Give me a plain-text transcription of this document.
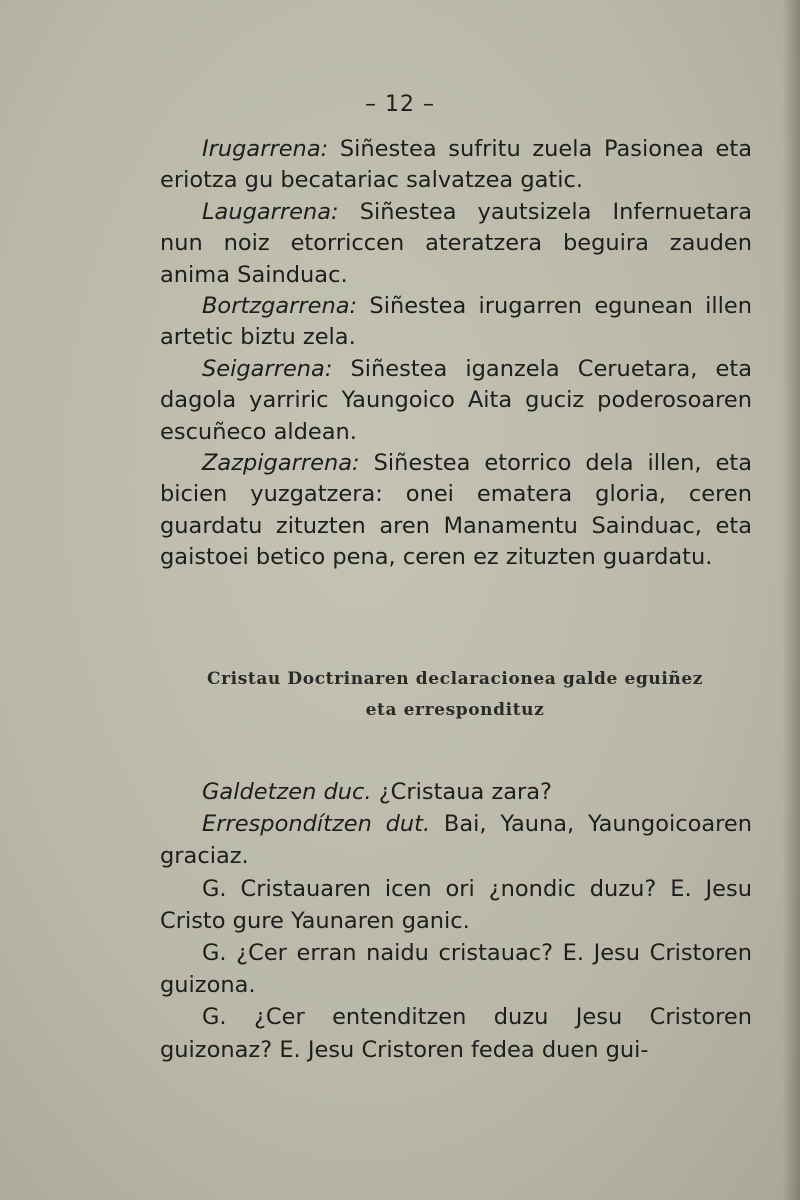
– 12 –

Irugarrena: Siñestea sufritu zuela Pasionea eta eriotza gu becatariac salvatzea gatic.

Laugarrena: Siñestea yautsizela Infernuetara nun noiz etorriccen ateratzera beguira zauden anima Sainduac.

Bortzgarrena: Siñestea irugarren egunean illen artetic biztu zela.

Seigarrena: Siñestea iganzela Ceruetara, eta dagola yarriric Yaungoico Aita guciz poderosoaren escuñeco aldean.

Zazpigarrena: Siñestea etorrico dela illen, eta bicien yuzgatzera: onei ematera gloria, ceren guardatu zituzten aren Manamentu Sainduac, eta gaistoei betico pena, ceren ez zituzten guardatu.

Cristau Doctrinaren declaracionea galde eguiñez
eta errespondituz

Galdetzen duc. ¿Cristaua zara?

Errespondítzen dut. Bai, Yauna, Yaungoicoaren graciaz.

G. Cristauaren icen ori ¿nondic duzu? E. Jesu Cristo gure Yaunaren ganic.

G. ¿Cer erran naidu cristauac? E. Jesu Cristoren guizona.

G. ¿Cer entenditzen duzu Jesu Cristoren guizonaz? E. Jesu Cristoren fedea duen gui-
